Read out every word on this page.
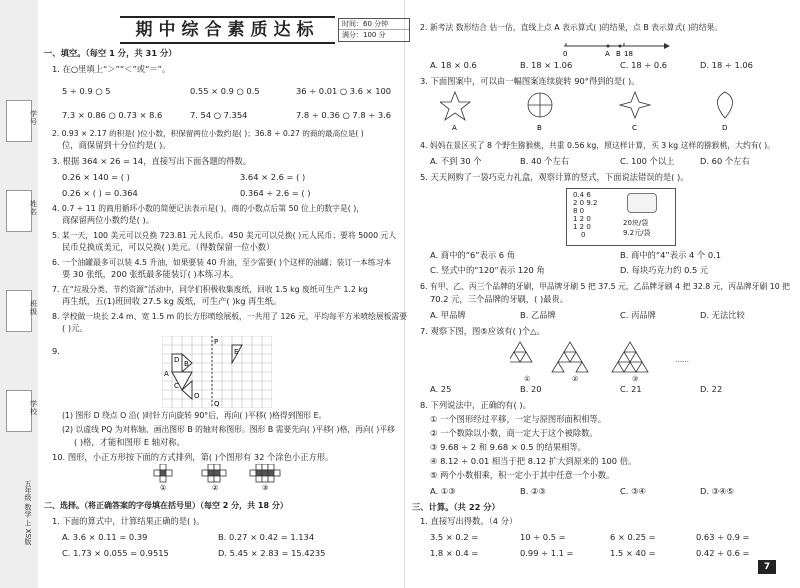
学号
姓名
班级
学校
五年级 数学 上 XS版
期中综合素质达标	时间：60 分钟
满分：100 分
一、填空。（每空 1 分，共 31 分）
1. 在○里填上“＞”“＜”或“＝”。
5 ÷ 0.9 ○ 5	0.55 × 0.9 ○ 0.5	36 ÷ 0.01 ○ 3.6 × 100
7.3 × 0.86 ○ 0.73 × 8.6	7. 5̇4 ○ 7.354	7.8 ÷ 0.36 ○ 7.8 ÷ 3.6
2. 0.93 × 2.17 的积是( )位小数，积保留两位小数约是( )；36.8 ÷ 0.27 的商的最高位是( )
位，商保留到十分位约是( )。
3. 根据 364 × 26 = 14，直接写出下面各题的得数。
0.26 × 140 = ( )	3.64 × 2.6 = ( )
0.26 × ( ) = 0.364	0.364 ÷ 2.6 = ( )
4. 0.7 ÷ 11 的商用循环小数的简便记法表示是( )，商的小数点后第 50 位上的数字是( )，
商保留两位小数约是( )。
5. 某一天，100 美元可以兑换 723.81 元人民币。450 美元可以兑换( )元人民币；要将 5000 元人
民币兑换成美元，可以兑换( )美元。（得数保留一位小数）
6. 一个油罐最多可以装 4.5 升油，如果要装 40 升油，至少需要( )个这样的油罐；装订一本练习本
要 30 张纸，200 张纸最多能装订( )本练习本。
7. 在“垃圾分类、节约资源”活动中，同学们积极收集废纸，回收 1.5 kg 废纸可生产 1.2 kg
再生纸，五(1)班回收 27.5 kg 废纸，可生产( )kg 再生纸。
8. 学校做一块长 2.4 m、宽 1.5 m 的长方形喷绘展板，一共用了 126 元，平均每平方米喷绘展板需要
( )元。
9.
P
Q
A
B
C
D
E
O
(1) 图形 D 绕点 O 沿( )时针方向旋转 90°后，再向( )平移( )格得到图形 E。
(2) 以虚线 PQ 为对称轴，画出图形 B 的轴对称图形。图形 B 需要先向( )平移( )格，再向( )平移
( )格，才能和图形 E 轴对称。
10. 图形，小正方形按下面的方式排列，第( )个图形有 32 个涂色小正方形。
①	②	③
二、选择。（将正确答案的字母填在括号里）（每空 2 分，共 18 分）
1. 下面的算式中，计算结果正确的是( )。
A. 3.6 × 0.11 = 0.39	B. 0.27 × 0.42 = 1.134
C. 1.73 × 0.055 = 0.9515	D. 5.45 × 2.83 = 15.4235
2. 新考法 数形结合 估一估，直线上点 A 表示算式( )的结果，点 B 表示算式( )的结果。
0	A B 18
A. 18 × 0.6	B. 18 × 1.06	C. 18 ÷ 0.6	D. 18 ÷ 1.06
3. 下面图案中，可以由一幅图案连续旋转 90°得到的是( )。
A	B	C	D
4. 妈妈在景区买了 8 个野生猕猴桃，共重 0.56 kg，照这样计算，买 3 kg 这样的猕猴桃，大约有( )。
A. 不到 30 个	B. 40 个左右	C. 100 个以上	D. 60 个左右
5. 天天网购了一袋巧克力礼盒，观察计算的竖式，下面说法错误的是( )。
0.4 6
2 0 9.2
8 0
1 2 0
1 2 0
0
20块/袋
9.2元/袋
A. 商中的“6”表示 6 角	B. 商中的“4”表示 4 个 0.1
C. 竖式中的“120”表示 120 角	D. 每块巧克力约 0.5 元
6. 有甲、乙、丙三个品牌的牙刷，甲品牌牙刷 5 把 37.5 元，乙品牌牙刷 4 把 32.8 元，丙品牌牙刷 10 把
70.2 元，三个品牌的牙刷，( )最贵。
A. 甲品牌	B. 乙品牌	C. 丙品牌	D. 无法比较
7. 观察下图，图⑤应该有( )个△。
……
①	②	③
A. 25	B. 20	C. 21	D. 22
8. 下列说法中，正确的有( )。
① 一个图形经过平移，一定与原图形面积相等。
② 一个数除以小数，商一定大于这个被除数。
③ 9.68 ÷ 2 和 9.68 × 0.5 的结果相等。
④ 8.12 ÷ 0.01 相当于把 8.12 扩大到原来的 100 倍。
⑤ 两个小数相乘，积一定小于其中任意一个小数。
A. ①③	B. ②③	C. ③④	D. ③④⑤
三、计算。（共 22 分）
1. 直接写出得数。（4 分）
3.5 × 0.2 =	10 ÷ 0.5 =	6 × 0.25 =	0.63 ÷ 0.9 =
1.8 × 0.4 =	0.99 ÷ 1.1 =	1.5 × 40 =	0.42 ÷ 0.6 =
7
